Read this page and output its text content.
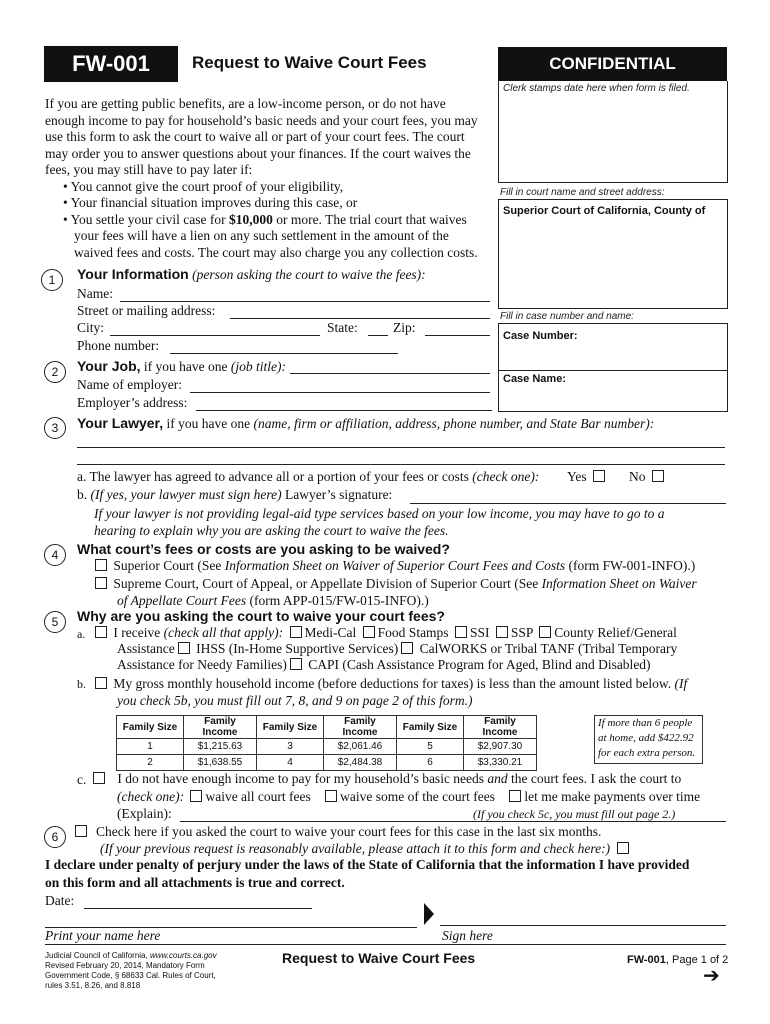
FW-001	Request to Waive Court Fees	CONFIDENTIAL
Clerk stamps date here when form is filed.
If you are getting public benefits, are a low-income person, or do not have
enough income to pay for household’s basic needs and your court fees, you may
use this form to ask the court to waive all or part of your court fees. The court
may order you to answer questions about your finances. If the court waives the
fees, you may still have to pay later if:
• You cannot give the court proof of your eligibility,
• Your financial situation improves during this case, or
• You settle your civil case for $10,000 or more. The trial court that waives
your fees will have a lien on any such settlement in the amount of the
waived fees and costs. The court may also charge you any collection costs.
Fill in court name and street address:
Superior Court of California, County of
Fill in case number and name:
Case Number:
Case Name:
1	Your Information (person asking the court to waive the fees):
Name:
Street or mailing address:
City:	State:	Zip:
Phone number:
2	Your Job, if you have one (job title):
Name of employer:
Employer’s address:
3	Your Lawyer, if you have one (name, firm or affiliation, address, phone number, and State Bar number):
a. The lawyer has agreed to advance all or a portion of your fees or costs (check one): Yes	No
b. (If yes, your lawyer must sign here) Lawyer’s signature:
If your lawyer is not providing legal-aid type services based on your low income, you may have to go to a
hearing to explain why you are asking the court to waive the fees.
4	What court’s fees or costs are you asking to be waived?
Superior Court (See Information Sheet on Waiver of Superior Court Fees and Costs (form FW-001-INFO).)
Supreme Court, Court of Appeal, or Appellate Division of Superior Court (See Information Sheet on Waiver
of Appellate Court Fees (form APP-015/FW-015-INFO).)
5	Why are you asking the court to waive your court fees?
a.	I receive (check all that apply): Medi-Cal Food Stamps SSI SSP County Relief/General
Assistance IHSS (In-Home Supportive Services) CalWORKS or Tribal TANF (Tribal Temporary
Assistance for Needy Families) CAPI (Cash Assistance Program for Aged, Blind and Disabled)
b.	My gross monthly household income (before deductions for taxes) is less than the amount listed below. (If
you check 5b, you must fill out 7, 8, and 9 on page 2 of this form.)
Family Size	Family Income	Family Size	Family Income	Family Size	Family Income
1	$1,215.63	3	$2,061.46	5	$2,907.30
2	$1,638.55	4	$2,484.38	6	$3,330.21
If more than 6 people
at home, add $422.92
for each extra person.
c.	I do not have enough income to pay for my household’s basic needs and the court fees. I ask the court to
(check one): waive all court fees waive some of the court fees let me make payments over time
(Explain):	(If you check 5c, you must fill out page 2.)
6	Check here if you asked the court to waive your court fees for this case in the last six months.
(If your previous request is reasonably available, please attach it to this form and check here:)
I declare under penalty of perjury under the laws of the State of California that the information I have provided
on this form and all attachments is true and correct.
Date:
Print your name here	Sign here
Judicial Council of California, www.courts.ca.gov
Revised February 20, 2014, Mandatory Form
Government Code, § 68633 Cal. Rules of Court,
rules 3.51, 8.26, and 8.818
Request to Waive Court Fees	FW-001, Page 1 of 2
➔
